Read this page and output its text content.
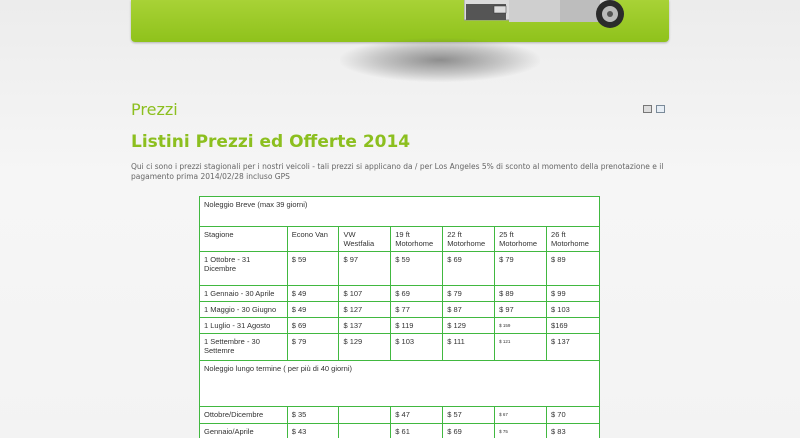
Prezzi
Listini Prezzi ed Offerte 2014

Qui ci sono i prezzi stagionali per i nostri veicoli - tali prezzi si applicano da / per Los Angeles 5% di sconto al momento della prenotazione e il pagamento prima 2014/02/28 incluso GPS

Noleggio Breve (max 39 giorni)						
Stagione	Econo Van	VW Westfalia	19 ft Motorhome	22 ft Motorhome	25 ft Motorhome	26 ft Motorhome
1 Ottobre - 31 Dicembre	$ 59	$ 97	$ 59	$ 69	$ 79	$ 89
1 Gennaio - 30 Aprile	$ 49	$ 107	$ 69	$ 79	$ 89	$ 99
1 Maggio - 30 Giugno	$ 49	$ 127	$ 77	$ 87	$ 97	$ 103
1 Luglio - 31 Agosto	$ 69	$ 137	$ 119	$ 129	$ 159	$169
1 Settembre - 30 Settemre	$ 79	$ 129	$ 103	$ 111	$ 121	$ 137
Noleggio lungo termine ( per più di 40 giorni)						
Ottobre/Dicembre	$ 35		$ 47	$ 57	$ 67	$ 70
Gennaio/Aprile	$ 43		$ 61	$ 69	$ 75	$ 83
